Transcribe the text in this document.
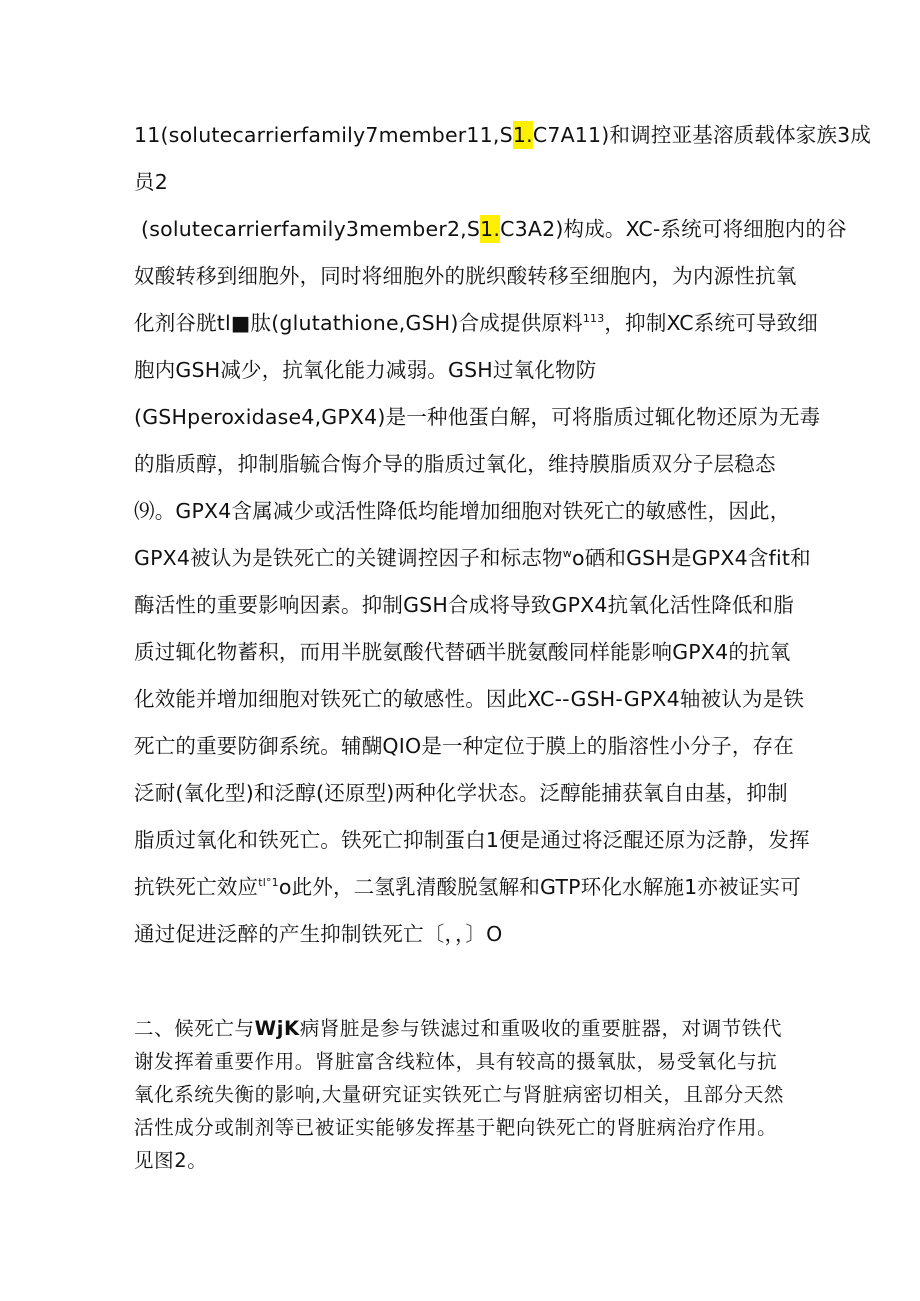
11(solutecarrierfamily7member11,S1.C7A11)和调控亚基溶质载体家族3成
员2
(solutecarrierfamily3member2,S1.C3A2)构成。XC-系统可将细胞内的谷
奴酸转移到细胞外，同时将细胞外的胱织酸转移至细胞内，为内源性抗氧
化剂谷胱tl■肽(glutathione,GSH)合成提供原料$^{113}$，抑制XC系统可导致细
胞内GSH减少，抗氧化能力减弱。GSH过氧化物防
(GSHperoxidase4,GPX4)是一种他蛋白解，可将脂质过辄化物还原为无毒
的脂质醇，抑制脂毓合悔介导的脂质过氧化，维持膜脂质双分子层稳态
⑼。GPX4含属减少或活性降低均能增加细胞对铁死亡的敏感性，因此，
GPX4被认为是铁死亡的关键调控因子和标志物$^w$o硒和GSH是GPX4含fit和
酶活性的重要影响因素。抑制GSH合成将导致GPX4抗氧化活性降低和脂
质过辄化物蓄积，而用半胱氨酸代替硒半胱氨酸同样能影响GPX4的抗氧
化效能并增加细胞对铁死亡的敏感性。因此XC--GSH-GPX4轴被认为是铁
死亡的重要防御系统。辅醐QIO是一种定位于膜上的脂溶性小分子，存在
泛耐(氧化型)和泛醇(还原型)两种化学状态。泛醇能捕获氧自由基，抑制
脂质过氧化和铁死亡。铁死亡抑制蛋白1便是通过将泛醌还原为泛静，发挥
抗铁死亡效应$^{tl^\circ 1}$o此外，二氢乳清酸脱氢解和GTP环化水解施1亦被证实可
通过促进泛醉的产生抑制铁死亡〔，，〕O
二、候死亡与WjK病肾脏是参与铁滤过和重吸收的重要脏器，对调节铁代
谢发挥着重要作用。肾脏富含线粒体，具有较高的摄氧肽，易受氧化与抗
氧化系统失衡的影响,大量研究证实铁死亡与肾脏病密切相关，且部分天然
活性成分或制剂等已被证实能够发挥基于靶向铁死亡的肾脏病治疗作用。
见图2。
